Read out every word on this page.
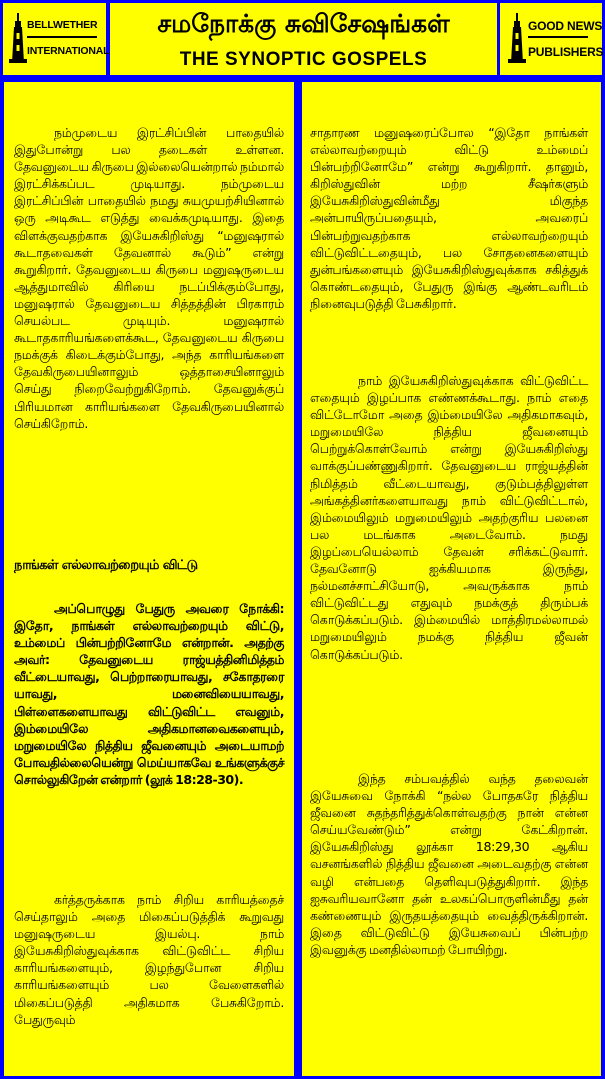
BELLWETHER
INTERNATIONAL
சமநோக்கு சுவிசேஷங்கள்
THE SYNOPTIC GOSPELS
GOOD NEWS
PUBLISHERS
நம்முடைய இரட்சிப்பின் பாதையில் இதுபோன்று பல தடைகள் உள்ளன. தேவனுடைய கிருபை இல்லையென்றால் நம்மால் இரட்சிக்கப்பட முடியாது. நம்முடைய இரட்சிப்பின் பாதையில் நமது சுயமுயற்சியினால் ஒரு அடிகூட எடுத்து வைக்கமுடியாது. இதை விளக்குவதற்காக இயேசுகிறிஸ்து “மனுஷரால் கூடாதவைகள் தேவனால் கூடும்” என்று கூறுகிறார். தேவனுடைய கிருபை மனுஷருடைய ஆத்துமாவில் கிரியை நடப்பிக்கும்போது, மனுஷரால் தேவனுடைய சித்தத்தின் பிரகாரம் செயல்பட முடியும். மனுஷரால் கூடாதகாரியங்களைக்கூட, தேவனுடைய கிருபை நமக்குக் கிடைக்கும்போது, அந்த காரியங்களை தேவகிருபையினாலும் ஒத்தாசையினாலும் செய்து நிறைவேற்றுகிறோம். தேவனுக்குப் பிரியமான காரியங்களை தேவகிருபையினால் செய்கிறோம்.
நாங்கள் எல்லாவற்றையும் விட்டு
அப்பொழுது பேதுரு அவரை நோக்கி: இதோ, நாங்கள் எல்லாவற்றையும் விட்டு, உம்மைப் பின்பற்றினோமே என்றான். அதற்கு அவர்: தேவனுடைய ராஜ்யத்தினிமித்தம் வீட்டையாவது, பெற்றாரையாவது, சகோதரரை யாவது, மனைவியையாவது, பிள்ளைகளையாவது விட்டுவிட்ட எவனும், இம்மையிலே அதிகமானவைகளையும், மறுமையிலே நித்திய ஜீவனையும் அடையாமற் போவதில்லையென்று மெய்யாகவே உங்களுக்குச் சொல்லுகிறேன் என்றார் (லூக் 18:28-30).
கர்த்தருக்காக நாம் சிறிய காரியத்தைச் செய்தாலும் அதை மிகைப்படுத்திக் கூறுவது மனுஷருடைய இயல்பு. நாம் இயேசுகிறிஸ்துவுக்காக விட்டுவிட்ட சிறிய காரியங்களையும், இழந்துபோன சிறிய காரியங்களையும் பல வேளைகளில் மிகைப்படுத்தி அதிகமாக பேசுகிறோம். பேதுருவும்
சாதாரண மனுஷரைப்போல “இதோ நாங்கள் எல்லாவற்றையும் விட்டு உம்மைப் பின்பற்றினோமே” என்று கூறுகிறார். தானும், கிறிஸ்துவின் மற்ற சீஷர்களும் இயேசுகிறிஸ்துவின்மீது மிகுந்த அன்பாயிருப்பதையும், அவரைப் பின்பற்றுவதற்காக எல்லாவற்றையும் விட்டுவிட்டதையும், பல சோதனைகளையும் துன்பங்களையும் இயேசுகிறிஸ்துவுக்காக சகித்துக் கொண்டதையும், பேதுரு இங்கு ஆண்டவரிடம் நினைவுபடுத்தி பேசுகிறார்.
நாம் இயேசுகிறிஸ்துவுக்காக விட்டுவிட்ட எதையும் இழப்பாக எண்ணக்கூடாது. நாம் எதை விட்டோமோ அதை இம்மையிலே அதிகமாகவும், மறுமையிலே நித்திய ஜீவனையும் பெற்றுக்கொள்வோம் என்று இயேசுகிறிஸ்து வாக்குப்பண்ணுகிறார். தேவனுடைய ராஜ்யத்தின் நிமித்தம் வீட்டையாவது, குடும்பத்திலுள்ள அங்கத்தினர்களையாவது நாம் விட்டுவிட்டால், இம்மையிலும் மறுமையிலும் அதற்குரிய பலனை பல மடங்காக அடைவோம். நமது இழப்பையெல்லாம் தேவன் சரிக்கட்டுவார். தேவனோடு ஐக்கியமாக இருந்து, நல்மனச்சாட்சியோடு, அவருக்காக நாம் விட்டுவிட்டது எதுவும் நமக்குத் திரும்பக் கொடுக்கப்படும். இம்மையில் மாத்திரமல்லாமல் மறுமையிலும் நமக்கு நித்திய ஜீவன் கொடுக்கப்படும்.
இந்த சம்பவத்தில் வந்த தலைவன் இயேசுவை நோக்கி “நல்ல போதகரே நித்திய ஜீவனை சுதந்தரித்துக்கொள்வதற்கு நான் என்ன செய்யவேண்டும்” என்று கேட்கிறான். இயேசுகிறிஸ்து லூக்கா 18:29,30 ஆகிய வசனங்களில் நித்திய ஜீவனை அடைவதற்கு என்ன வழி என்பதை தெளிவுபடுத்துகிறார். இந்த ஐசுவரியவானோ தன் உலகப்பொருளின்மீது தன் கண்ணையும் இருதயத்தையும் வைத்திருக்கிறான். இதை விட்டுவிட்டு இயேசுவைப் பின்பற்ற இவனுக்கு மனதில்லாமற் போயிற்று.
